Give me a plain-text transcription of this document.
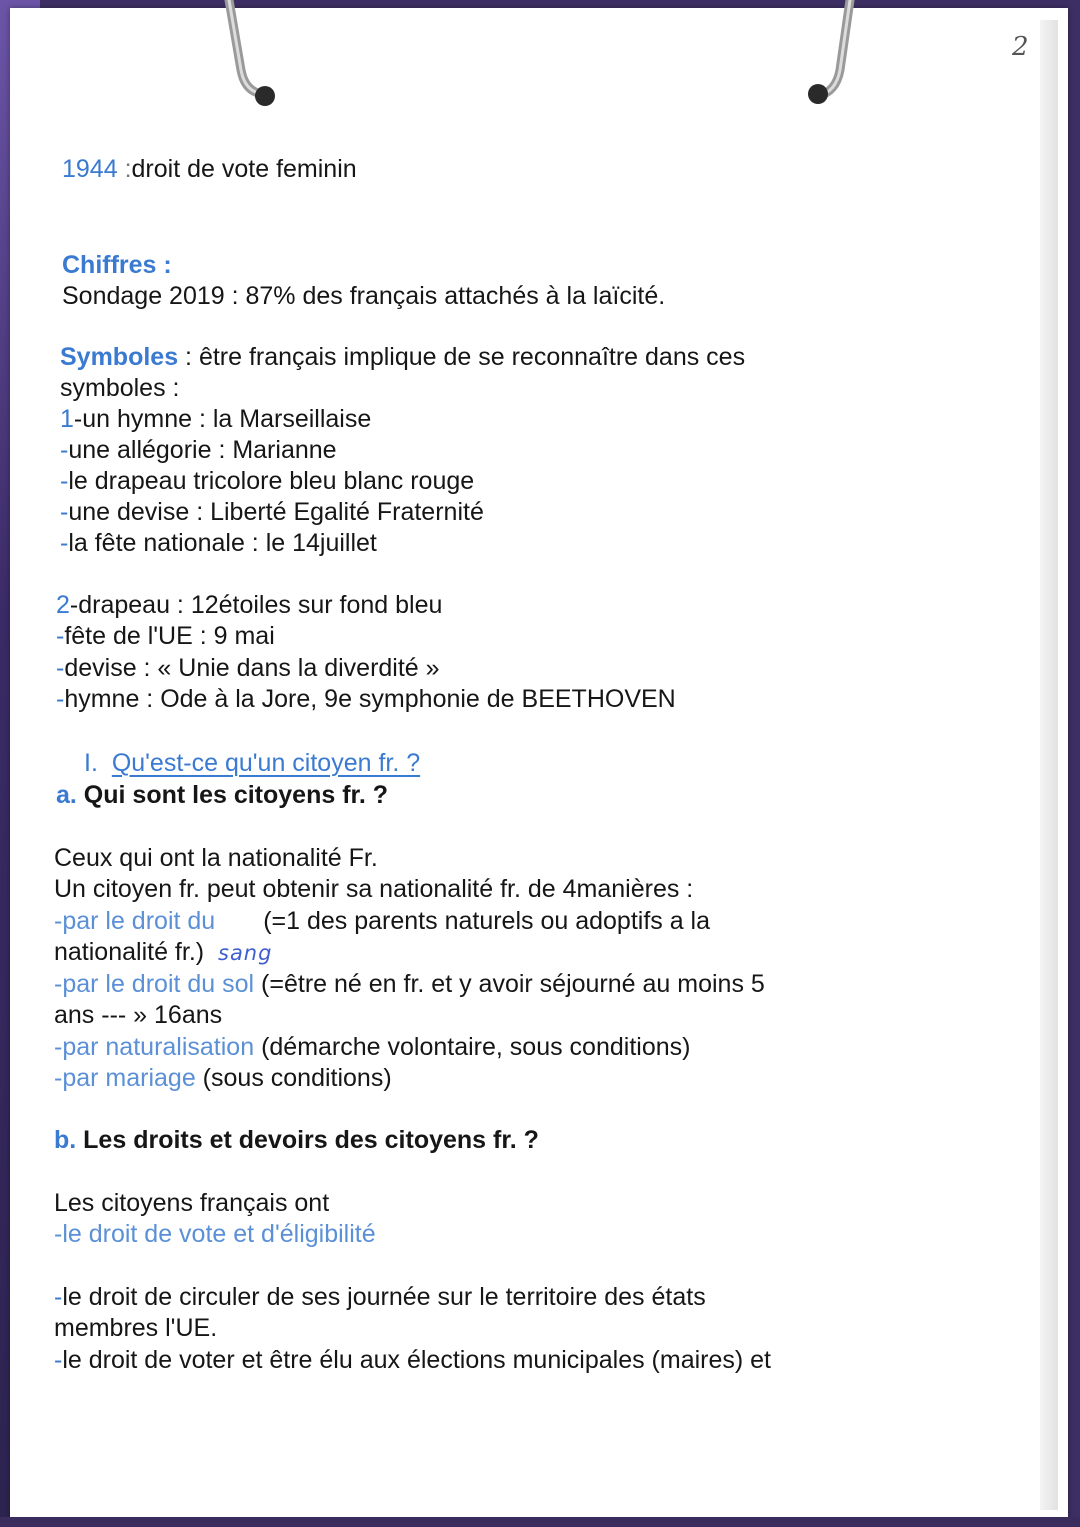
2
1944 :droit de vote feminin
Chiffres :
Sondage 2019 : 87% des français attachés à la laïcité.
Symboles : être français implique de se reconnaître dans ces
symboles :
1-un hymne : la Marseillaise
-une allégorie : Marianne
-le drapeau tricolore bleu blanc rouge
-une devise : Liberté Egalité Fraternité
-la fête nationale : le 14juillet
2-drapeau : 12étoiles sur fond bleu
-fête de l'UE : 9 mai
-devise : « Unie dans la diverdité »
-hymne : Ode à la Jore, 9e symphonie de BEETHOVEN
I. Qu'est-ce qu'un citoyen fr. ?
a. Qui sont les citoyens fr. ?
Ceux qui ont la nationalité Fr.
Un citoyen fr. peut obtenir sa nationalité fr. de 4manières :
-par le droit du (=1 des parents naturels ou adoptifs a la
nationalité fr.) sang
-par le droit du sol (=être né en fr. et y avoir séjourné au moins 5
ans --- » 16ans
-par naturalisation (démarche volontaire, sous conditions)
-par mariage (sous conditions)
b. Les droits et devoirs des citoyens fr. ?
Les citoyens français ont
-le droit de vote et d'éligibilité
-le droit de circuler de ses journée sur le territoire des états
membres l'UE.
-le droit de voter et être élu aux élections municipales (maires) et
